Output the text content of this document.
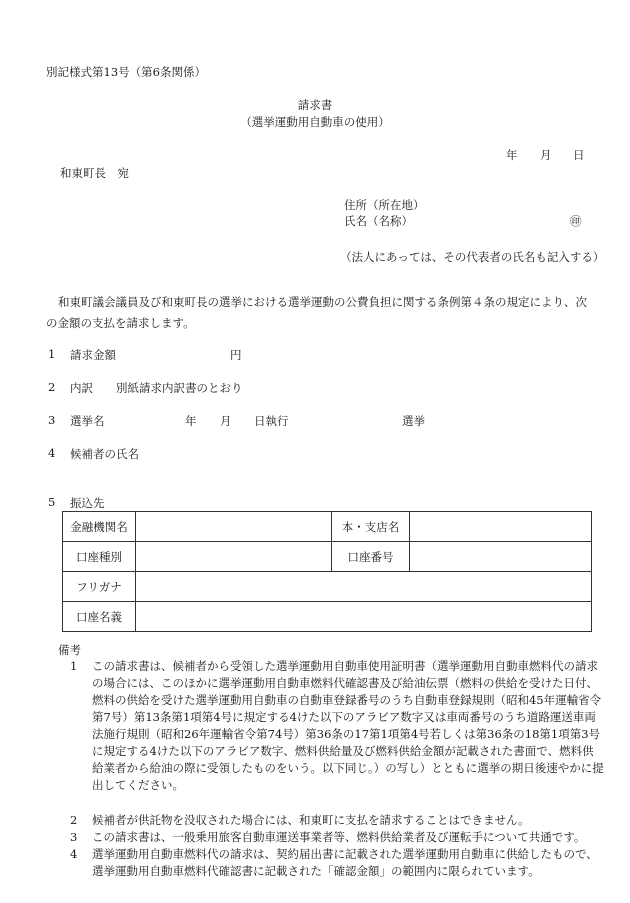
別記様式第13号（第6条関係）
請求書
（選挙運動用自動車の使用）
年 月 日
和東町長　宛
住所（所在地）
氏名（名称）	㊞
（法人にあっては、その代表者の氏名も記入する）
和東町議会議員及び和東町長の選挙における選挙運動の公費負担に関する条例第４条の規定により、次の金額の支払を請求します。
1 請求金額	円
2 内訳 別紙請求内訳書のとおり
3 選挙名	年 月 日執行	選挙
4 候補者の氏名
5 振込先
金融機関名		本・支店名	
口座種別		口座番号	
フリガナ			
口座名義			
備考
1 この請求書は、候補者から受領した選挙運動用自動車使用証明書（選挙運動用自動車燃料代の請求の場合には、このほかに選挙運動用自動車燃料代確認書及び給油伝票（燃料の供給を受けた日付、燃料の供給を受けた選挙運動用自動車の自動車登録番号のうち自動車登録規則（昭和45年運輸省令第7号）第13条第1項第4号に規定する4けた以下のアラビア数字又は車両番号のうち道路運送車両法施行規則（昭和26年運輸省令第74号）第36条の17第1項第4号若しくは第36条の18第1項第3号に規定する4けた以下のアラビア数字、燃料供給量及び燃料供給金額が記載された書面で、燃料供給業者から給油の際に受領したものをいう。以下同じ。）の写し）とともに選挙の期日後速やかに提出してください。
2 候補者が供託物を没収された場合には、和東町に支払を請求することはできません。
3 この請求書は、一般乗用旅客自動車運送事業者等、燃料供給業者及び運転手について共通です。
4 選挙運動用自動車燃料代の請求は、契約届出書に記載された選挙運動用自動車に供給したもので、選挙運動用自動車燃料代確認書に記載された「確認金額」の範囲内に限られています。
